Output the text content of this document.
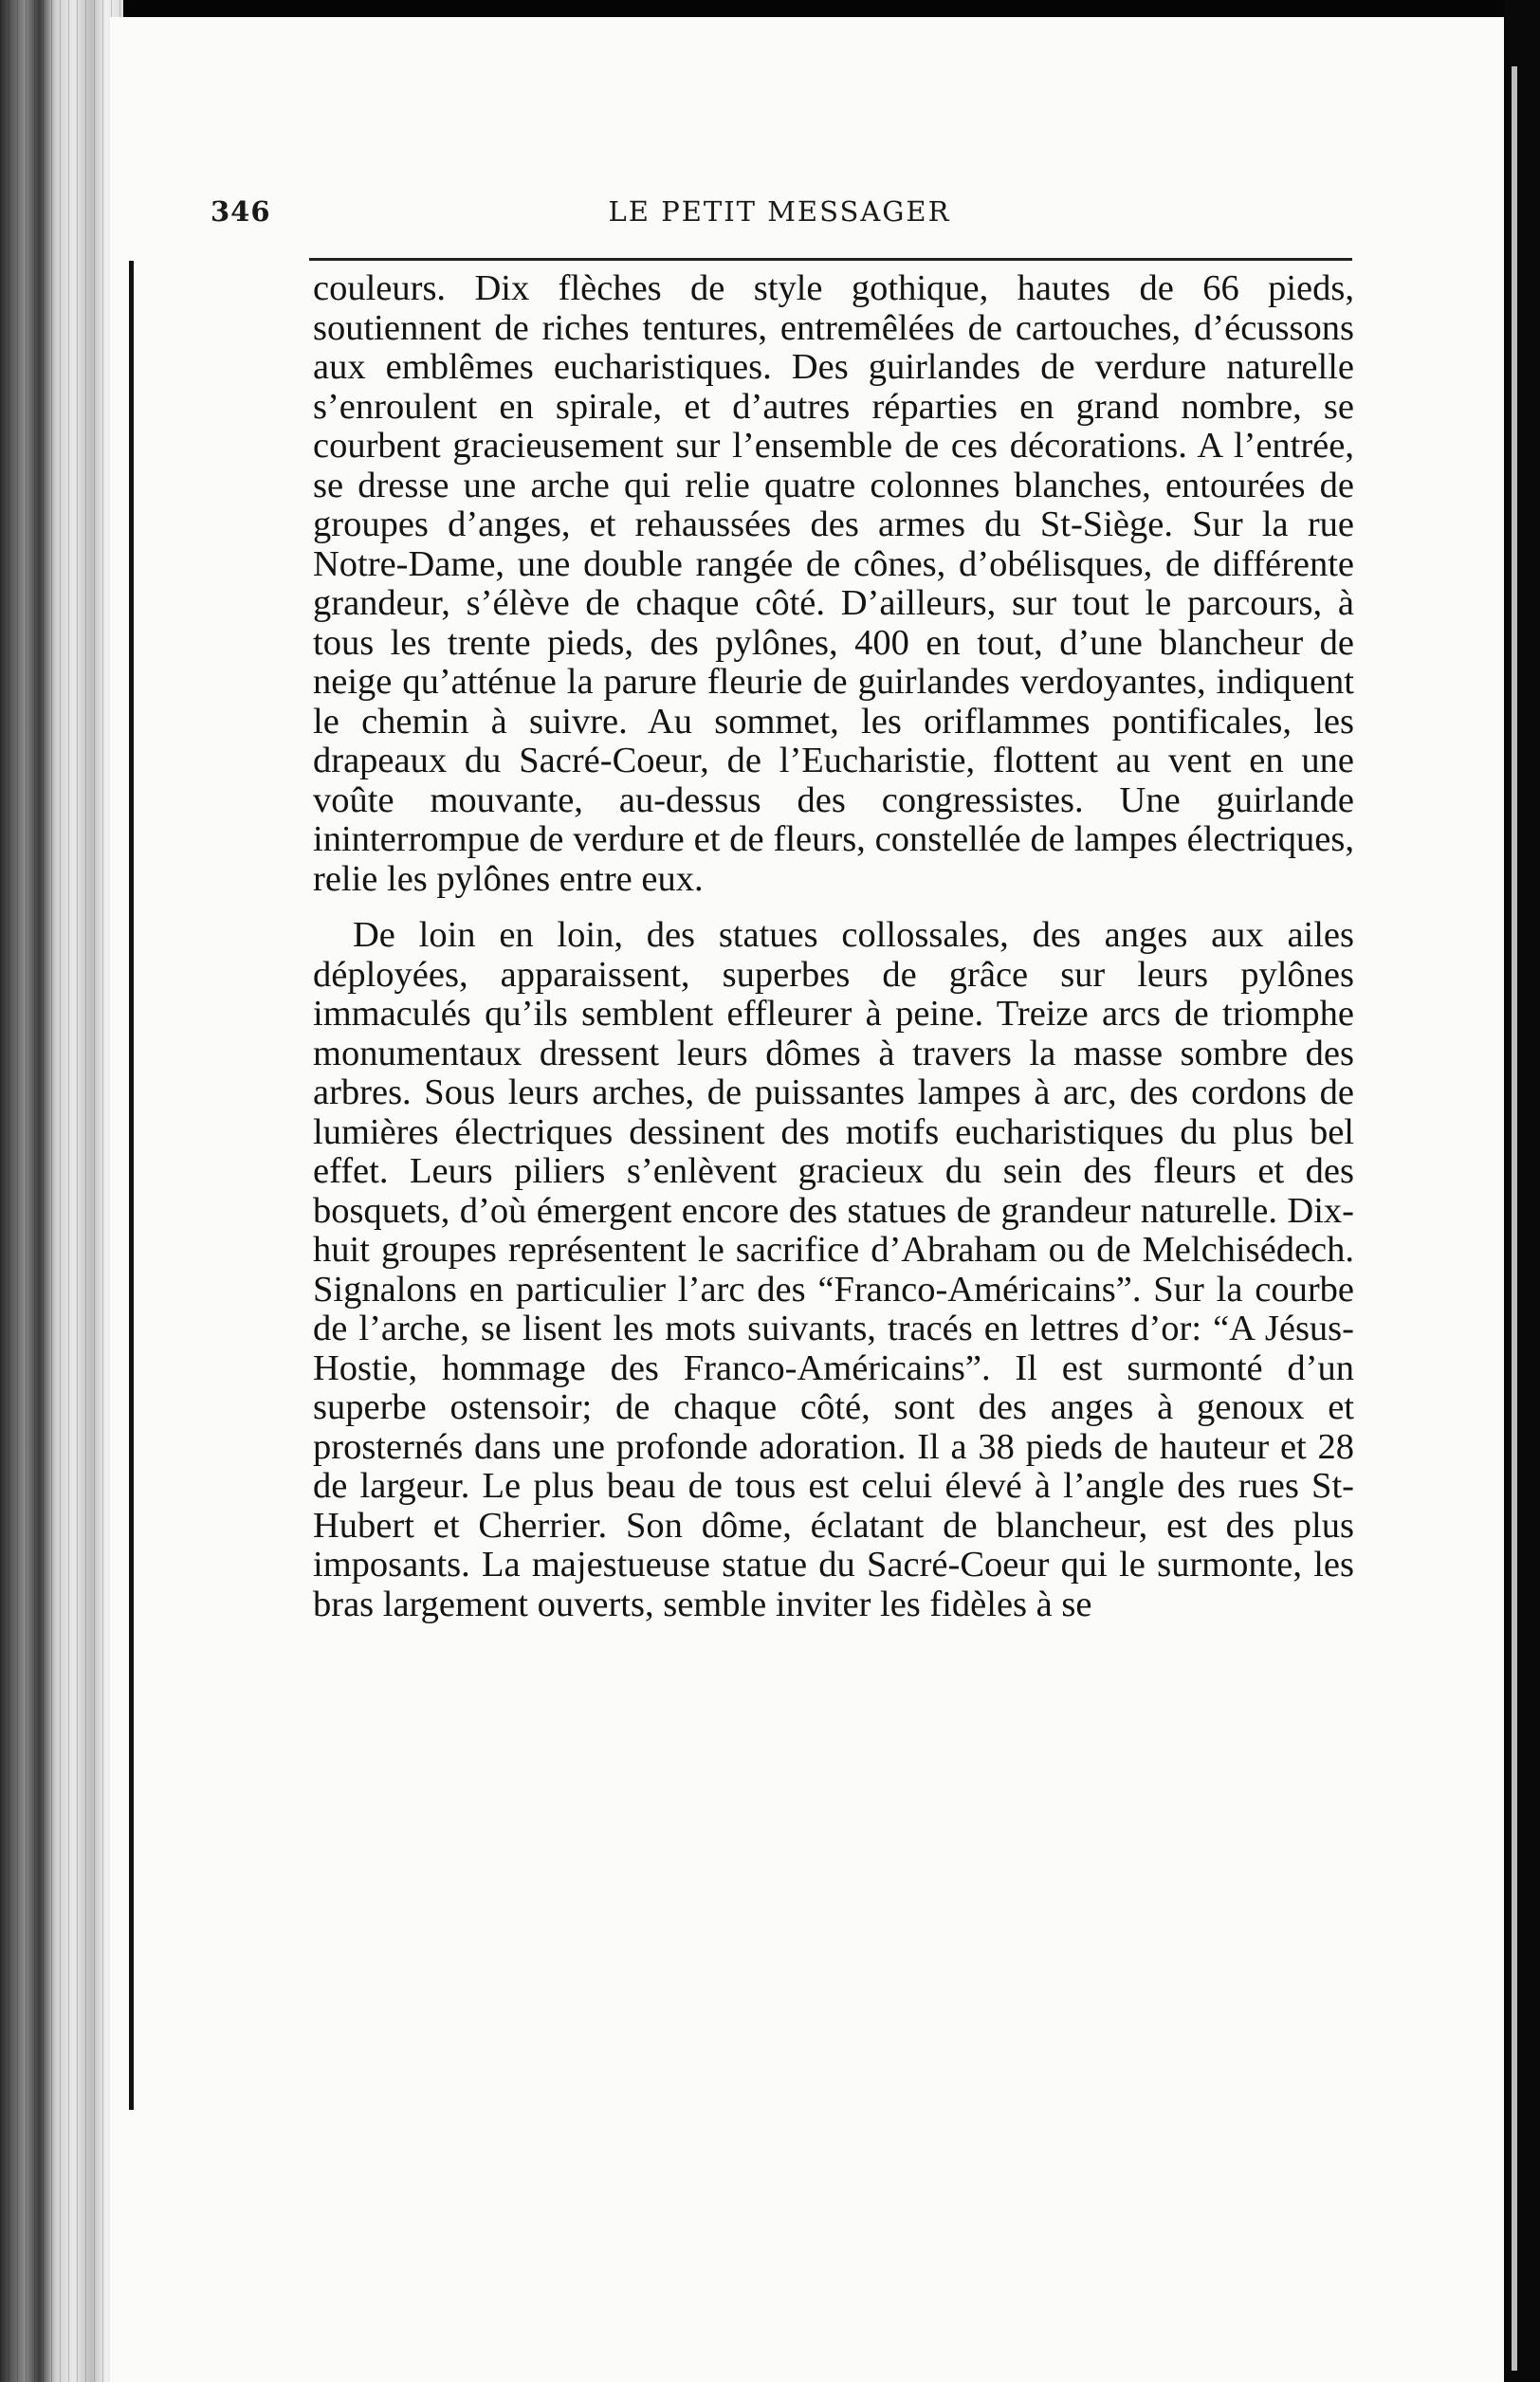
346	LE PETIT MESSAGER

couleurs. Dix flèches de style gothique, hautes de 66 pieds, soutiennent de riches tentures, entremêlées de cartouches, d’écussons aux emblêmes eucharistiques. Des guirlandes de verdure naturelle s’enroulent en spirale, et d’autres réparties en grand nombre, se courbent gracieusement sur l’ensemble de ces décorations. A l’entrée, se dresse une arche qui relie quatre colonnes blanches, entourées de groupes d’anges, et rehaussées des armes du St-Siège. Sur la rue Notre-Dame, une double rangée de cônes, d’obélisques, de différente grandeur, s’élève de chaque côté. D’ailleurs, sur tout le parcours, à tous les trente pieds, des pylônes, 400 en tout, d’une blancheur de neige qu’atténue la parure fleurie de guirlandes verdoyantes, indiquent le chemin à suivre. Au sommet, les oriflammes pontificales, les drapeaux du Sacré-Coeur, de l’Eucharistie, flottent au vent en une voûte mouvante, au-dessus des congressistes. Une guirlande ininterrompue de verdure et de fleurs, constellée de lampes électriques, relie les pylônes entre eux.

De loin en loin, des statues collossales, des anges aux ailes déployées, apparaissent, superbes de grâce sur leurs pylônes immaculés qu’ils semblent effleurer à peine. Treize arcs de triomphe monumentaux dressent leurs dômes à travers la masse sombre des arbres. Sous leurs arches, de puissantes lampes à arc, des cordons de lumières électriques dessinent des motifs eucharistiques du plus bel effet. Leurs piliers s’enlèvent gracieux du sein des fleurs et des bosquets, d’où émergent encore des statues de grandeur naturelle. Dix-huit groupes représentent le sacrifice d’Abraham ou de Melchisédech. Signalons en particulier l’arc des “Franco-Américains”. Sur la courbe de l’arche, se lisent les mots suivants, tracés en lettres d’or: “A Jésus-Hostie, hommage des Franco-Américains”. Il est surmonté d’un superbe ostensoir; de chaque côté, sont des anges à genoux et prosternés dans une profonde adoration. Il a 38 pieds de hauteur et 28 de largeur. Le plus beau de tous est celui élevé à l’angle des rues St-Hubert et Cherrier. Son dôme, éclatant de blancheur, est des plus imposants. La majestueuse statue du Sacré-Coeur qui le surmonte, les bras largement ouverts, semble inviter les fidèles à se
